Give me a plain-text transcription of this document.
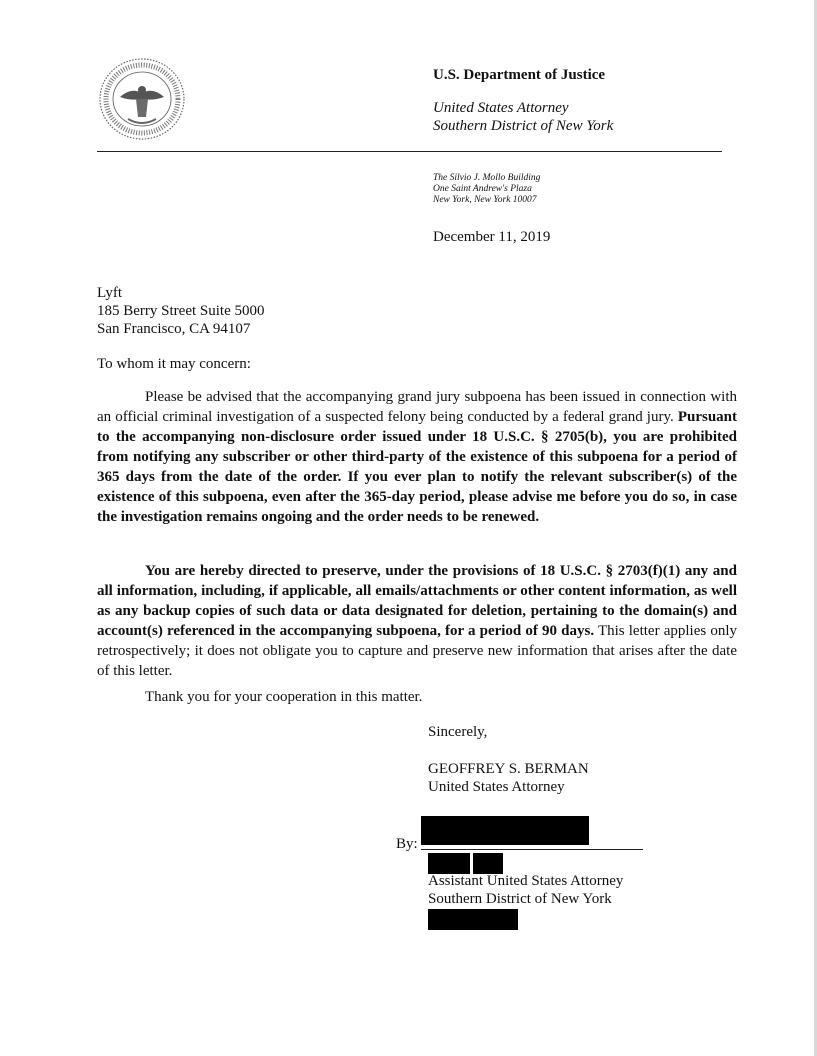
U.S. Department of Justice
United States Attorney
Southern District of New York
The Silvio J. Mollo Building
One Saint Andrew's Plaza
New York, New York 10007
December 11, 2019
Lyft
185 Berry Street Suite 5000
San Francisco, CA 94107
To whom it may concern:

Please be advised that the accompanying grand jury subpoena has been issued in connection with an official criminal investigation of a suspected felony being conducted by a federal grand jury. Pursuant to the accompanying non-disclosure order issued under 18 U.S.C. § 2705(b), you are prohibited from notifying any subscriber or other third-party of the existence of this subpoena for a period of 365 days from the date of the order. If you ever plan to notify the relevant subscriber(s) of the existence of this subpoena, even after the 365-day period, please advise me before you do so, in case the investigation remains ongoing and the order needs to be renewed.

You are hereby directed to preserve, under the provisions of 18 U.S.C. § 2703(f)(1) any and all information, including, if applicable, all emails/attachments or other content information, as well as any backup copies of such data or data designated for deletion, pertaining to the domain(s) and account(s) referenced in the accompanying subpoena, for a period of 90 days. This letter applies only retrospectively; it does not obligate you to capture and preserve new information that arises after the date of this letter.

Thank you for your cooperation in this matter.
Sincerely,
GEOFFREY S. BERMAN
United States Attorney
By:
Assistant United States Attorney
Southern District of New York
